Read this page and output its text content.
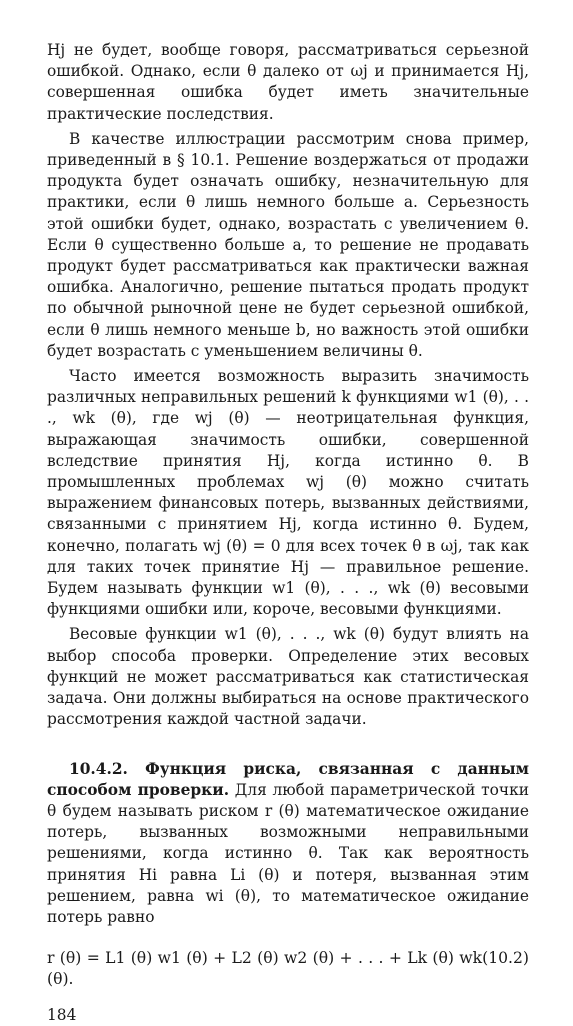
Hj не будет, вообще говоря, рассматриваться серьезной ошибкой. Однако, если θ далеко от ωj и принимается Hj, совершенная ошибка будет иметь значительные практические последствия.

В качестве иллюстрации рассмотрим снова пример, приведенный в § 10.1. Решение воздержаться от продажи продукта будет означать ошибку, незначительную для практики, если θ лишь немного больше a. Серьезность этой ошибки будет, однако, возрастать с увеличением θ. Если θ существенно больше a, то решение не продавать продукт будет рассматриваться как практически важная ошибка. Аналогично, решение пытаться продать продукт по обычной рыночной цене не будет серьезной ошибкой, если θ лишь немного меньше b, но важность этой ошибки будет возрастать с уменьшением величины θ.

Часто имеется возможность выразить значимость различных неправильных решений k функциями w1 (θ), . . ., wk (θ), где wj (θ) — неотрицательная функция, выражающая значимость ошибки, совершенной вследствие принятия Hj, когда истинно θ. В промышленных проблемах wj (θ) можно считать выражением финансовых потерь, вызванных действиями, связанными с принятием Hj, когда истинно θ. Будем, конечно, полагать wj (θ) = 0 для всех точек θ в ωj, так как для таких точек принятие Hj — правильное решение. Будем называть функции w1 (θ), . . ., wk (θ) весовыми функциями ошибки или, короче, весовыми функциями.

Весовые функции w1 (θ), . . ., wk (θ) будут влиять на выбор способа проверки. Определение этих весовых функций не может рассматриваться как статистическая задача. Они должны выбираться на основе практического рассмотрения каждой частной задачи.

10.4.2. Функция риска, связанная с данным способом проверки. Для любой параметрической точки θ будем называть риском r (θ) математическое ожидание потерь, вызванных возможными неправильными решениями, когда истинно θ. Так как вероятность принятия Hi равна Li (θ) и потеря, вызванная этим решением, равна wi (θ), то математическое ожидание потерь равно

r (θ) = L1 (θ) w1 (θ) + L2 (θ) w2 (θ) + . . . + Lk (θ) wk (θ).
(10.2)
184
